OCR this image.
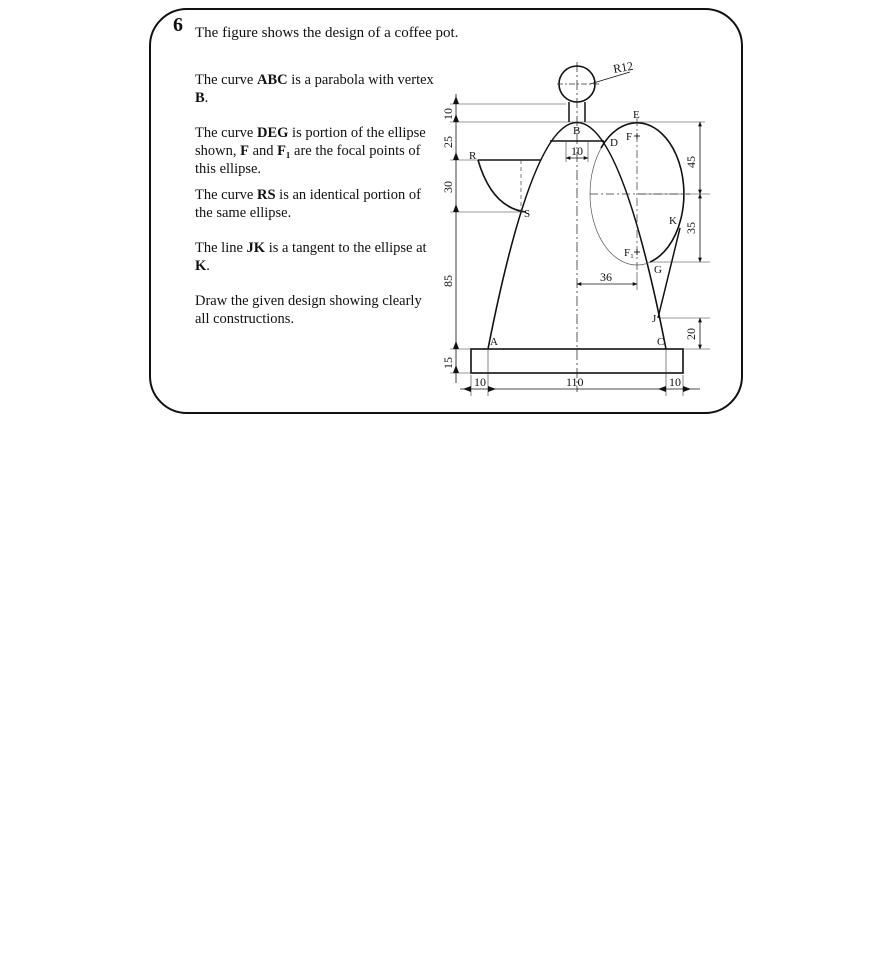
6 The figure shows the design of a coffee pot.
The curve ABC is a parabola with vertex B.
The curve DEG is portion of the ellipse shown, F and F₁ are the focal points of this ellipse.
The curve RS is an identical portion of the same ellipse.
The line JK is a tangent to the ellipse at K.
Draw the given design showing clearly all constructions.
A
B
C
D
E
F
F₁
G
J
K
R
S
R12
10
25
30
85
15
10
36
45
35
20
10	110	10
